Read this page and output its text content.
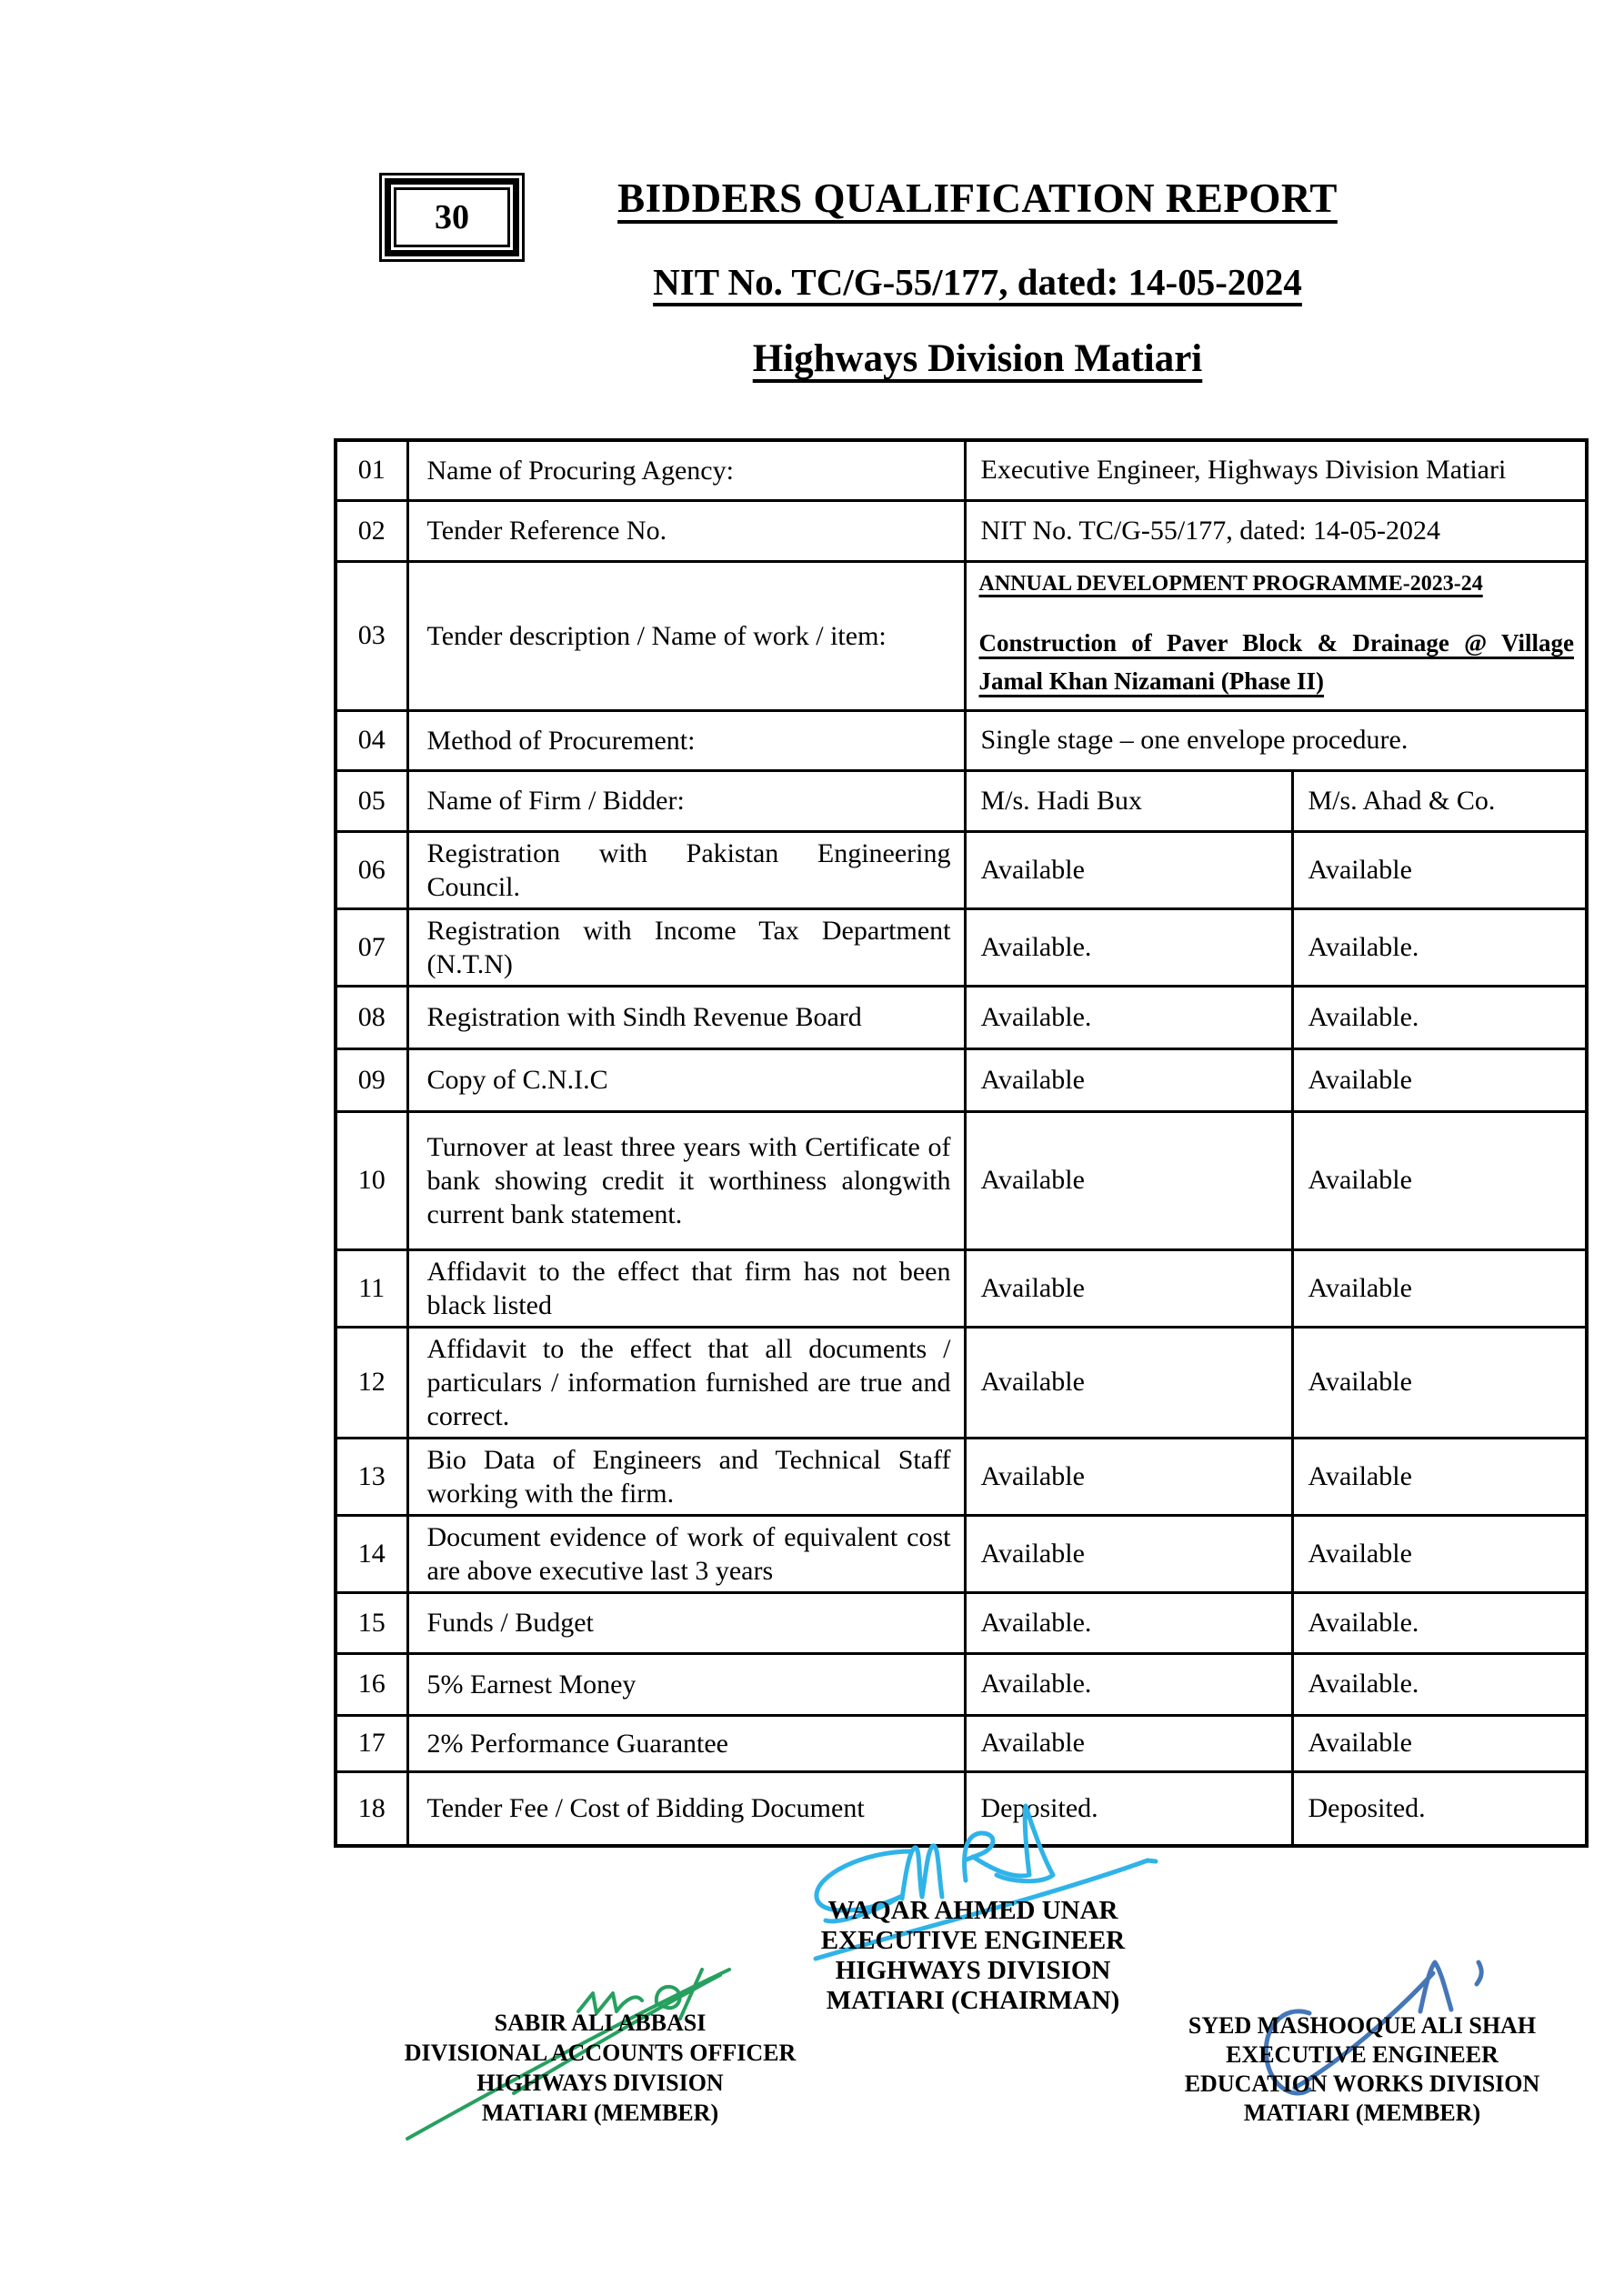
30	BIDDERS QUALIFICATION REPORT
NIT No. TC/G-55/177, dated: 14-05-2024
Highways Division Matiari
01	Name of Procuring Agency:	Executive Engineer, Highways Division Matiari	
02	Tender Reference No.	NIT No. TC/G-55/177, dated: 14-05-2024	
03	Tender description / Name of work / item:	ANNUAL DEVELOPMENT PROGRAMME-2023-24
Construction of Paver Block & Drainage @ Village Jamal Khan Nizamani (Phase II)	

04	Method of Procurement:	Single stage – one envelope procedure.	
05	Name of Firm / Bidder:	M/s. Hadi Bux	M/s. Ahad & Co.
06	Registration with Pakistan Engineering Council.	Available	Available
07	Registration with Income Tax Department (N.T.N)	Available.	Available.
08	Registration with Sindh Revenue Board	Available.	Available.
09	Copy of C.N.I.C	Available	Available
10	Turnover at least three years with Certificate of bank showing credit it worthiness alongwith current bank statement.	Available	Available
11	Affidavit to the effect that firm has not been black listed	Available	Available
12	Affidavit to the effect that all documents / particulars / information furnished are true and correct.	Available	Available
13	Bio Data of Engineers and Technical Staff working with the firm.	Available	Available
14	Document evidence of work of equivalent cost are above executive last 3 years	Available	Available
15	Funds / Budget	Available.	Available.
16	5% Earnest Money	Available.	Available.
17	2% Performance Guarantee	Available	Available
18	Tender Fee / Cost of Bidding Document	Deposited.	Deposited.
WAQAR AHMED UNAR
EXECUTIVE ENGINEER
HIGHWAYS DIVISION
MATIARI (CHAIRMAN)
SABIR ALI ABBASI
DIVISIONAL ACCOUNTS OFFICER
HIGHWAYS DIVISION
MATIARI (MEMBER)
SYED MASHOOQUE ALI SHAH
EXECUTIVE ENGINEER
EDUCATION WORKS DIVISION
MATIARI (MEMBER)
